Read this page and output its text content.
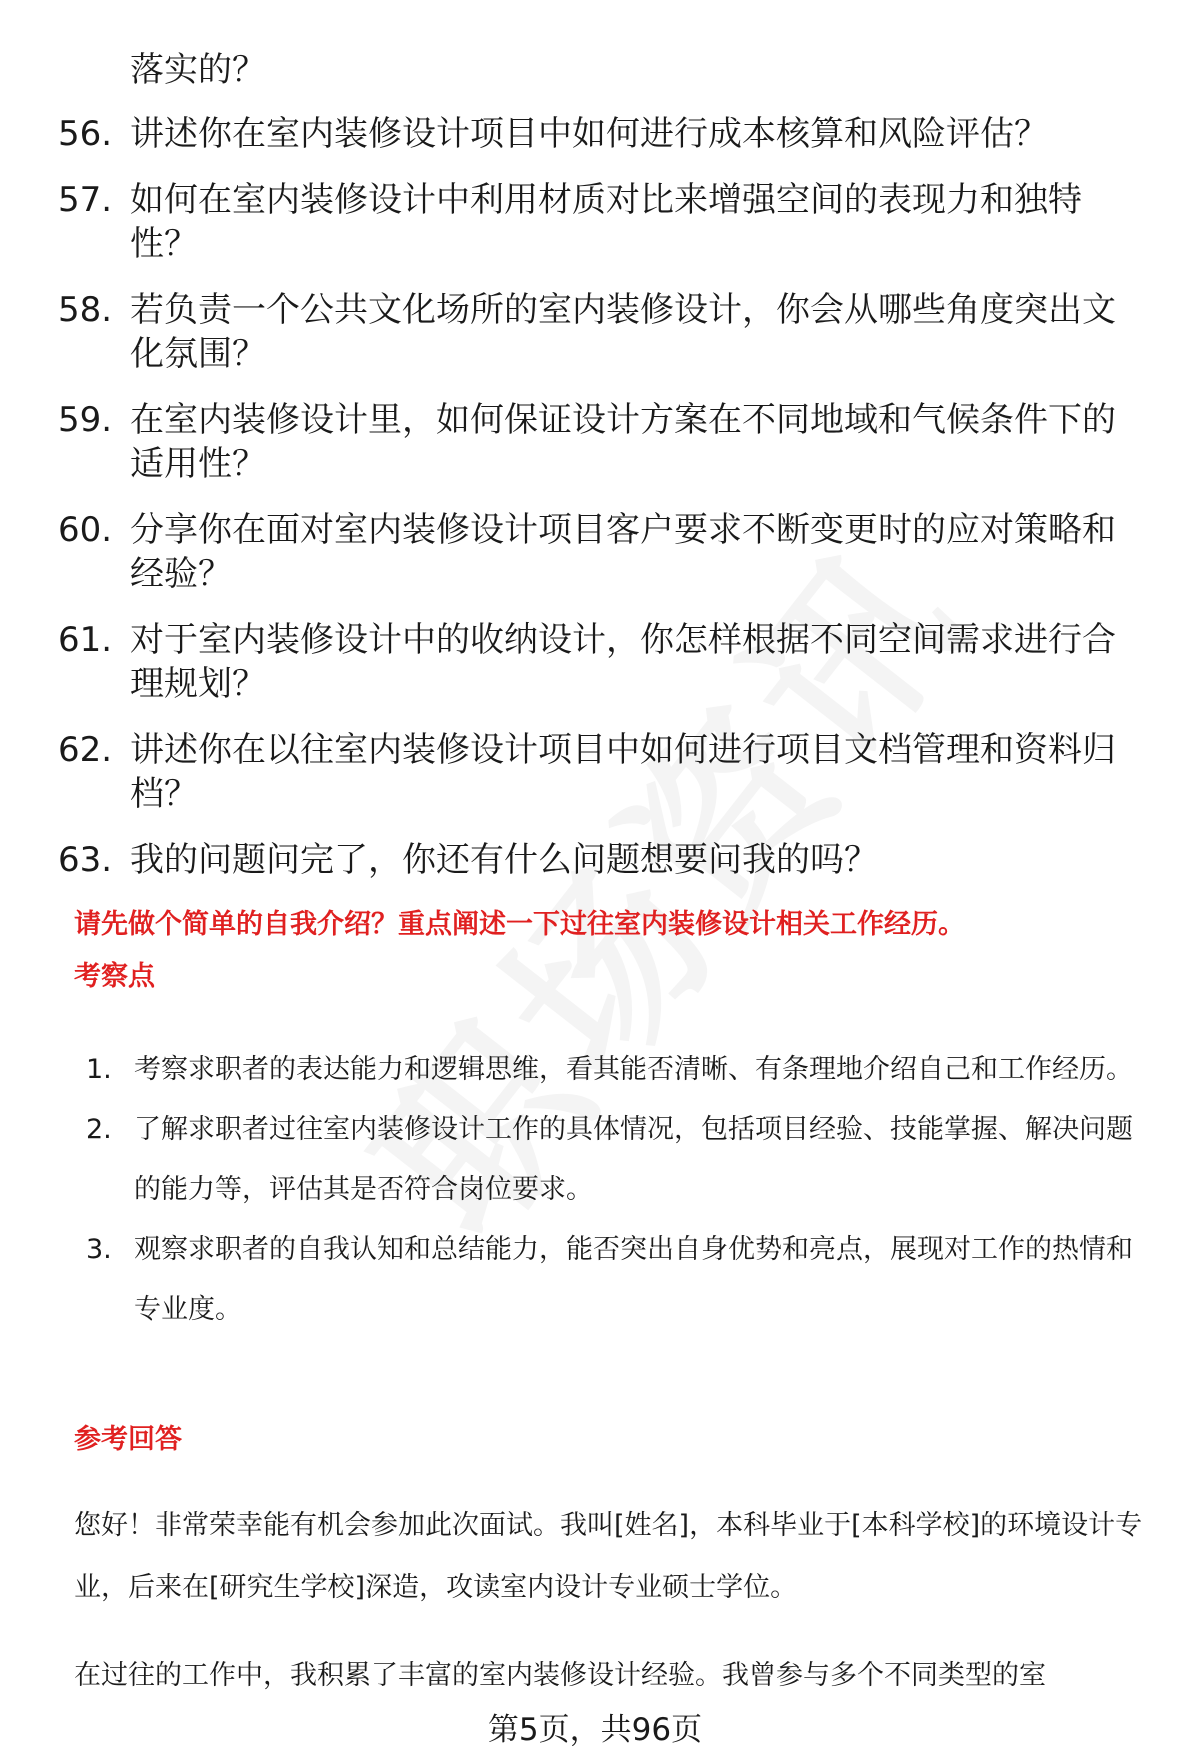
落实的？

56. 讲述你在室内装修设计项目中如何进行成本核算和风险评估？
57. 如何在室内装修设计中利用材质对比来增强空间的表现力和独特性？
58. 若负责一个公共文化场所的室内装修设计，你会从哪些角度突出文化氛围？
59. 在室内装修设计里，如何保证设计方案在不同地域和气候条件下的适用性？
60. 分享你在面对室内装修设计项目客户要求不断变更时的应对策略和经验？
61. 对于室内装修设计中的收纳设计，你怎样根据不同空间需求进行合理规划？
62. 讲述你在以往室内装修设计项目中如何进行项目文档管理和资料归档？
63. 我的问题问完了，你还有什么问题想要问我的吗？
请先做个简单的自我介绍？重点阐述一下过往室内装修设计相关工作经历。
考察点
1. 考察求职者的表达能力和逻辑思维，看其能否清晰、有条理地介绍自己和工作经历。
2. 了解求职者过往室内装修设计工作的具体情况，包括项目经验、技能掌握、解决问题的能力等，评估其是否符合岗位要求。
3. 观察求职者的自我认知和总结能力，能否突出自身优势和亮点，展现对工作的热情和专业度。
参考回答

您好！非常荣幸能有机会参加此次面试。我叫[姓名]，本科毕业于[本科学校]的环境设计专业，后来在[研究生学校]深造，攻读室内设计专业硕士学位。

在过往的工作中，我积累了丰富的室内装修设计经验。我曾参与多个不同类型的室

第5页，共96页
